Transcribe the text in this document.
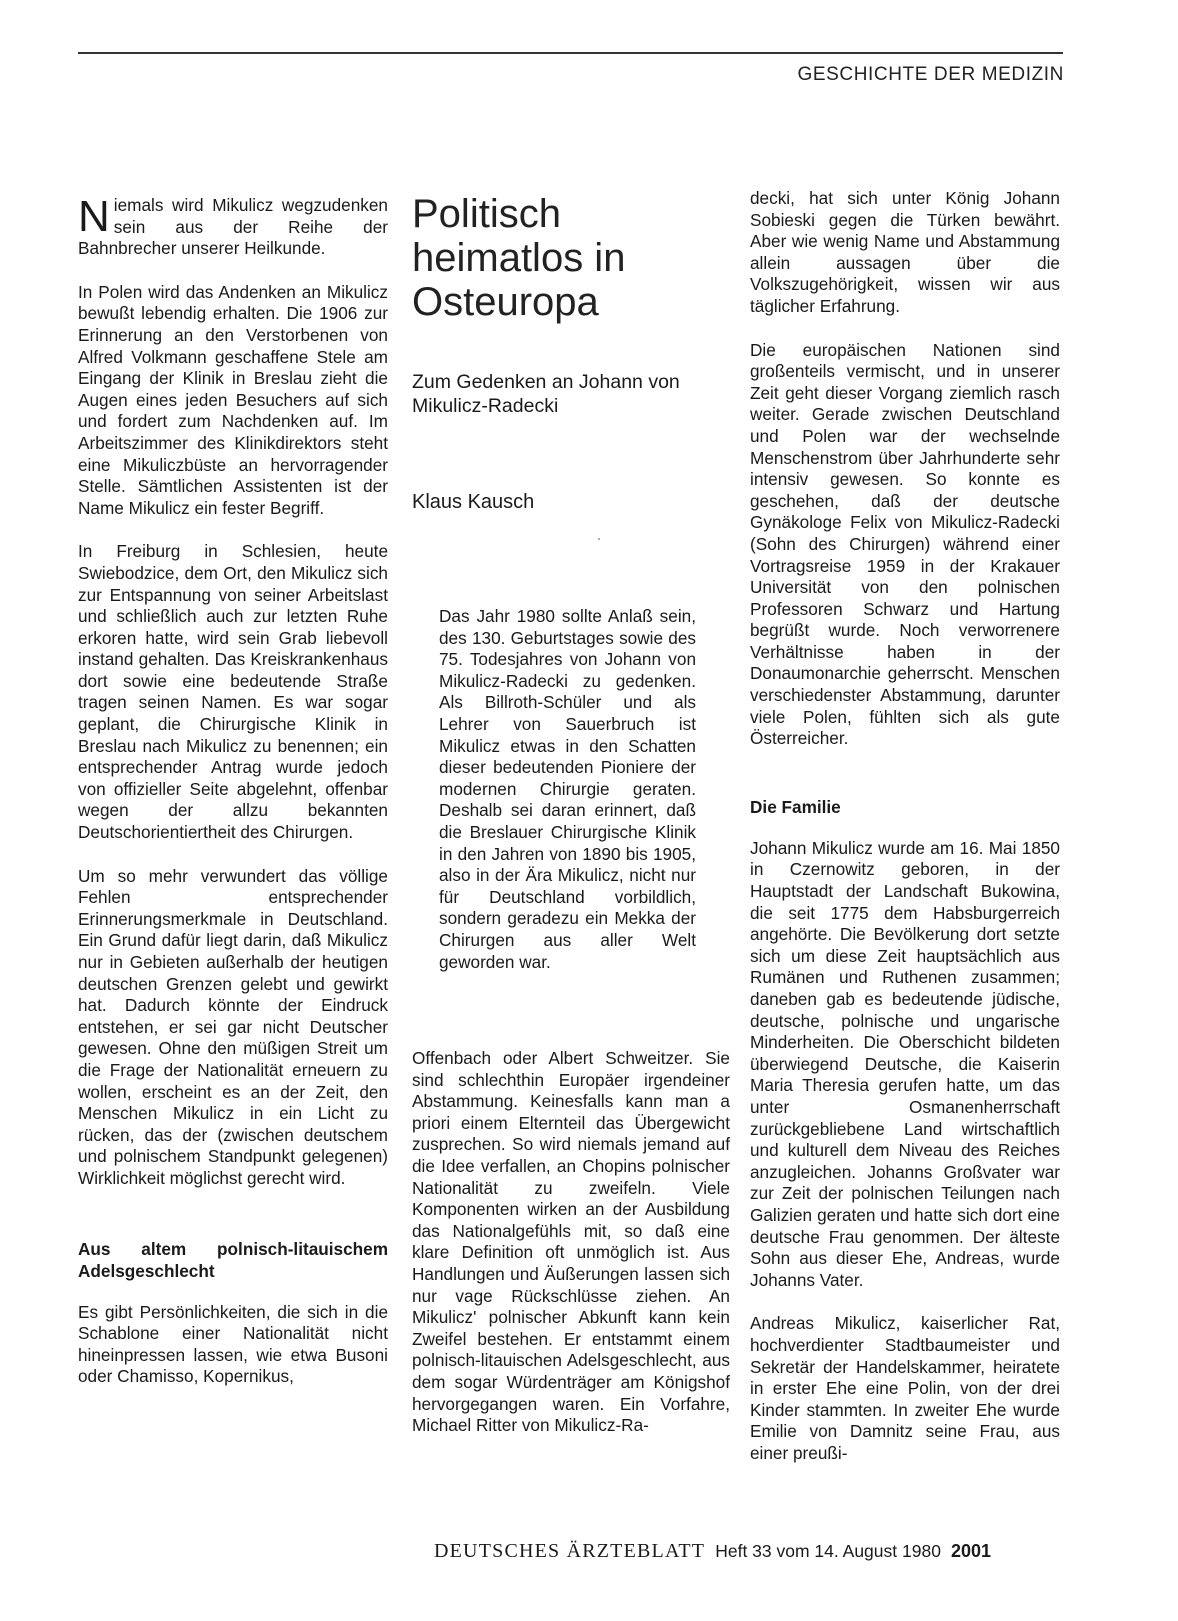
GESCHICHTE DER MEDIZIN

Niemals wird Mikulicz wegzudenken sein aus der Reihe der Bahnbrecher unserer Heilkunde.

In Polen wird das Andenken an Mikulicz bewußt lebendig erhalten. Die 1906 zur Erinnerung an den Verstorbenen von Alfred Volkmann geschaffene Stele am Eingang der Klinik in Breslau zieht die Augen eines jeden Besuchers auf sich und fordert zum Nachdenken auf. Im Arbeitszimmer des Klinikdirektors steht eine Mikuliczbüste an hervorragender Stelle. Sämtlichen Assistenten ist der Name Mikulicz ein fester Begriff.

In Freiburg in Schlesien, heute Swiebodzice, dem Ort, den Mikulicz sich zur Entspannung von seiner Arbeitslast und schließlich auch zur letzten Ruhe erkoren hatte, wird sein Grab liebevoll instand gehalten. Das Kreiskrankenhaus dort sowie eine bedeutende Straße tragen seinen Namen. Es war sogar geplant, die Chirurgische Klinik in Breslau nach Mikulicz zu benennen; ein entsprechender Antrag wurde jedoch von offizieller Seite abgelehnt, offenbar wegen der allzu bekannten Deutschorientiertheit des Chirurgen.

Um so mehr verwundert das völlige Fehlen entsprechender Erinnerungsmerkmale in Deutschland. Ein Grund dafür liegt darin, daß Mikulicz nur in Gebieten außerhalb der heutigen deutschen Grenzen gelebt und gewirkt hat. Dadurch könnte der Eindruck entstehen, er sei gar nicht Deutscher gewesen. Ohne den müßigen Streit um die Frage der Nationalität erneuern zu wollen, erscheint es an der Zeit, den Menschen Mikulicz in ein Licht zu rücken, das der (zwischen deutschem und polnischem Standpunkt gelegenen) Wirklichkeit möglichst gerecht wird.

Aus altem polnisch-litauischem Adelsgeschlecht

Es gibt Persönlichkeiten, die sich in die Schablone einer Nationalität nicht hineinpressen lassen, wie etwa Busoni oder Chamisso, Kopernikus,

Politisch heimatlos in Osteuropa
Zum Gedenken an Johann von Mikulicz-Radecki
Klaus Kausch
Das Jahr 1980 sollte Anlaß sein, des 130. Geburtstages sowie des 75. Todesjahres von Johann von Mikulicz-Radecki zu gedenken. Als Billroth-Schüler und als Lehrer von Sauerbruch ist Mikulicz etwas in den Schatten dieser bedeutenden Pioniere der modernen Chirurgie geraten. Deshalb sei daran erinnert, daß die Breslauer Chirurgische Klinik in den Jahren von 1890 bis 1905, also in der Ära Mikulicz, nicht nur für Deutschland vorbildlich, sondern geradezu ein Mekka der Chirurgen aus aller Welt geworden war.
Offenbach oder Albert Schweitzer. Sie sind schlechthin Europäer irgendeiner Abstammung. Keinesfalls kann man a priori einem Elternteil das Übergewicht zusprechen. So wird niemals jemand auf die Idee verfallen, an Chopins polnischer Nationalität zu zweifeln. Viele Komponenten wirken an der Ausbildung das Nationalgefühls mit, so daß eine klare Definition oft unmöglich ist. Aus Handlungen und Äußerungen lassen sich nur vage Rückschlüsse ziehen. An Mikulicz' polnischer Abkunft kann kein Zweifel bestehen. Er entstammt einem polnisch-litauischen Adelsgeschlecht, aus dem sogar Würdenträger am Königshof hervorgegangen waren. Ein Vorfahre, Michael Ritter von Mikulicz-Ra-

decki, hat sich unter König Johann Sobieski gegen die Türken bewährt. Aber wie wenig Name und Abstammung allein aussagen über die Volkszugehörigkeit, wissen wir aus täglicher Erfahrung.

Die europäischen Nationen sind großenteils vermischt, und in unserer Zeit geht dieser Vorgang ziemlich rasch weiter. Gerade zwischen Deutschland und Polen war der wechselnde Menschenstrom über Jahrhunderte sehr intensiv gewesen. So konnte es geschehen, daß der deutsche Gynäkologe Felix von Mikulicz-Radecki (Sohn des Chirurgen) während einer Vortragsreise 1959 in der Krakauer Universität von den polnischen Professoren Schwarz und Hartung begrüßt wurde. Noch verworrenere Verhältnisse haben in der Donaumonarchie geherrscht. Menschen verschiedenster Abstammung, darunter viele Polen, fühlten sich als gute Österreicher.

Die Familie

Johann Mikulicz wurde am 16. Mai 1850 in Czernowitz geboren, in der Hauptstadt der Landschaft Bukowina, die seit 1775 dem Habsburgerreich angehörte. Die Bevölkerung dort setzte sich um diese Zeit hauptsächlich aus Rumänen und Ruthenen zusammen; daneben gab es bedeutende jüdische, deutsche, polnische und ungarische Minderheiten. Die Oberschicht bildeten überwiegend Deutsche, die Kaiserin Maria Theresia gerufen hatte, um das unter Osmanenherrschaft zurückgebliebene Land wirtschaftlich und kulturell dem Niveau des Reiches anzugleichen. Johanns Großvater war zur Zeit der polnischen Teilungen nach Galizien geraten und hatte sich dort eine deutsche Frau genommen. Der älteste Sohn aus dieser Ehe, Andreas, wurde Johanns Vater.

Andreas Mikulicz, kaiserlicher Rat, hochverdienter Stadtbaumeister und Sekretär der Handelskammer, heiratete in erster Ehe eine Polin, von der drei Kinder stammten. In zweiter Ehe wurde Emilie von Damnitz seine Frau, aus einer preußi-

DEUTSCHES ÄRZTEBLATT Heft 33 vom 14. August 1980 2001
